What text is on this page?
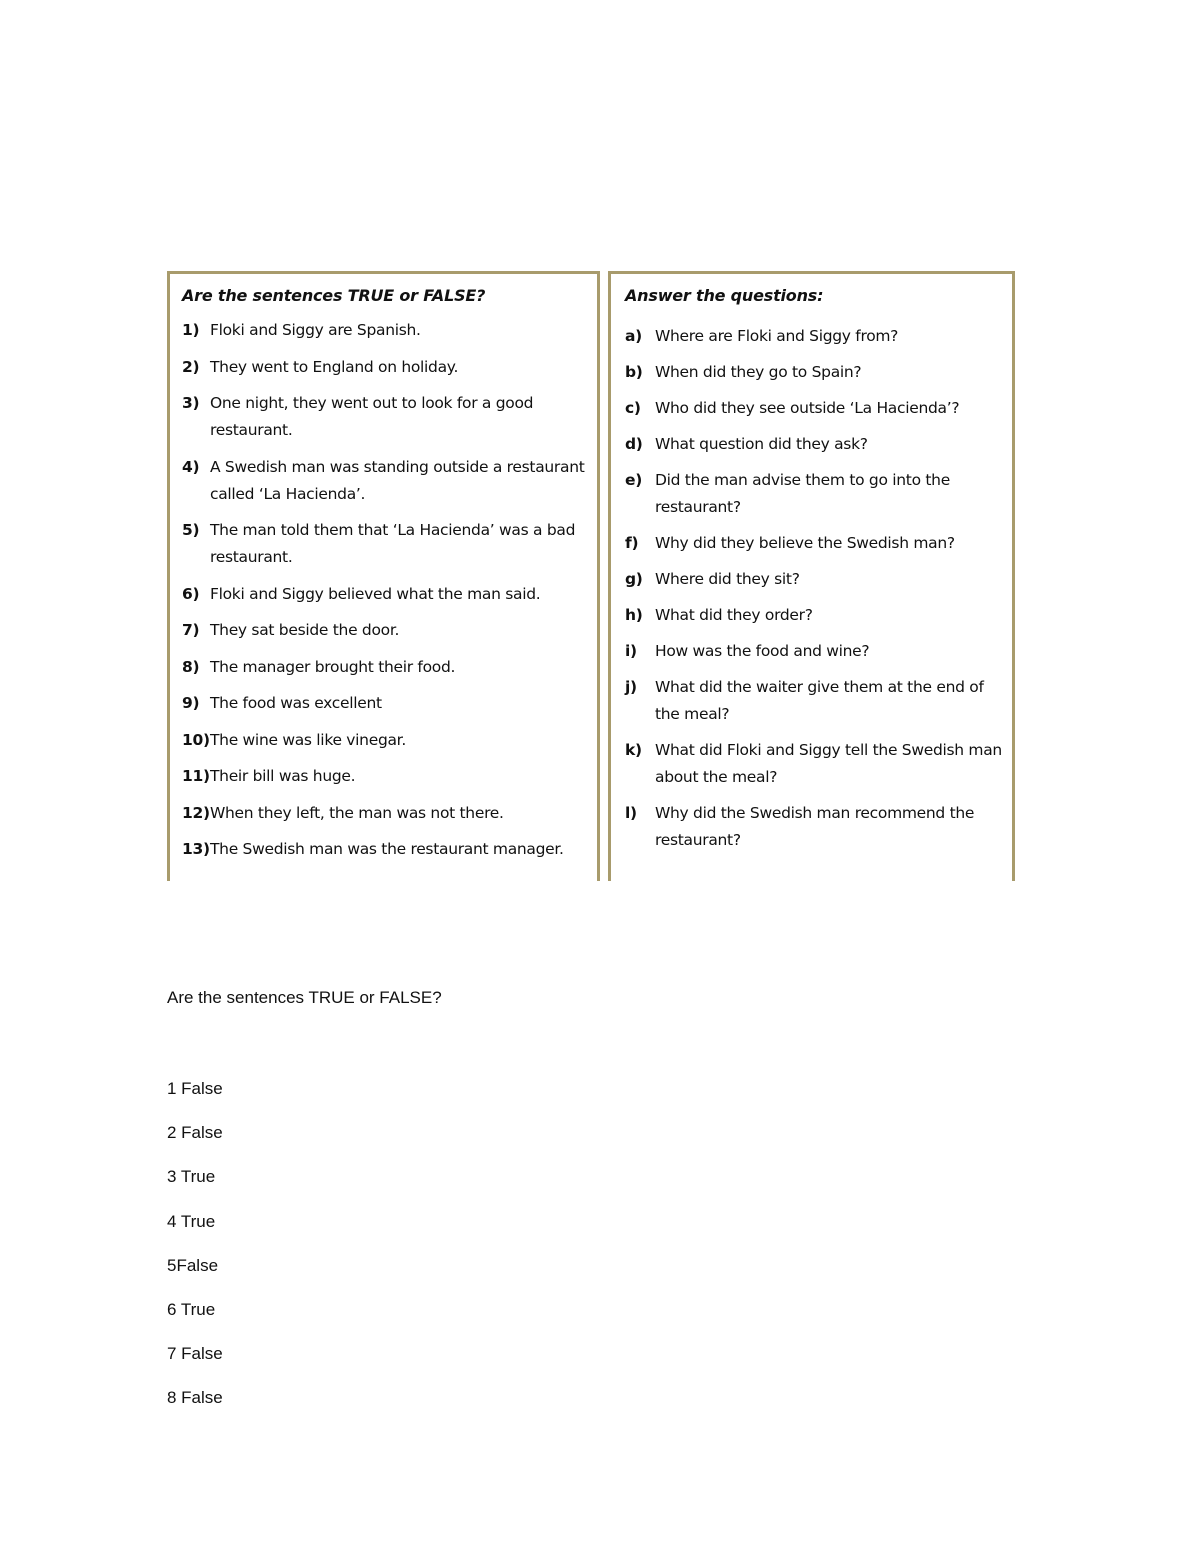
Are the sentences TRUE or FALSE?
1) Floki and Siggy are Spanish.
2) They went to England on holiday.
3) One night, they went out to look for a good restaurant.
4) A Swedish man was standing outside a restaurant called ‘La Hacienda’.
5) The man told them that ‘La Hacienda’ was a bad restaurant.
6) Floki and Siggy believed what the man said.
7) They sat beside the door.
8) The manager brought their food.
9) The food was excellent
10) The wine was like vinegar.
11) Their bill was huge.
12) When they left, the man was not there.
13) The Swedish man was the restaurant manager.
Answer the questions:
a) Where are Floki and Siggy from?
b) When did they go to Spain?
c) Who did they see outside ‘La Hacienda’?
d) What question did they ask?
e) Did the man advise them to go into the restaurant?
f)	Why did they believe the Swedish man?
g) Where did they sit?
h) What did they order?
i)	How was the food and wine?
j)	What did the waiter give them at the end of the meal?
k) What did Floki and Siggy tell the Swedish man about the meal?
l)	Why did the Swedish man recommend the restaurant?

Are the sentences TRUE or FALSE?

1 False
2 False
3 True
4 True
5False
6 True
7 False
8 False
